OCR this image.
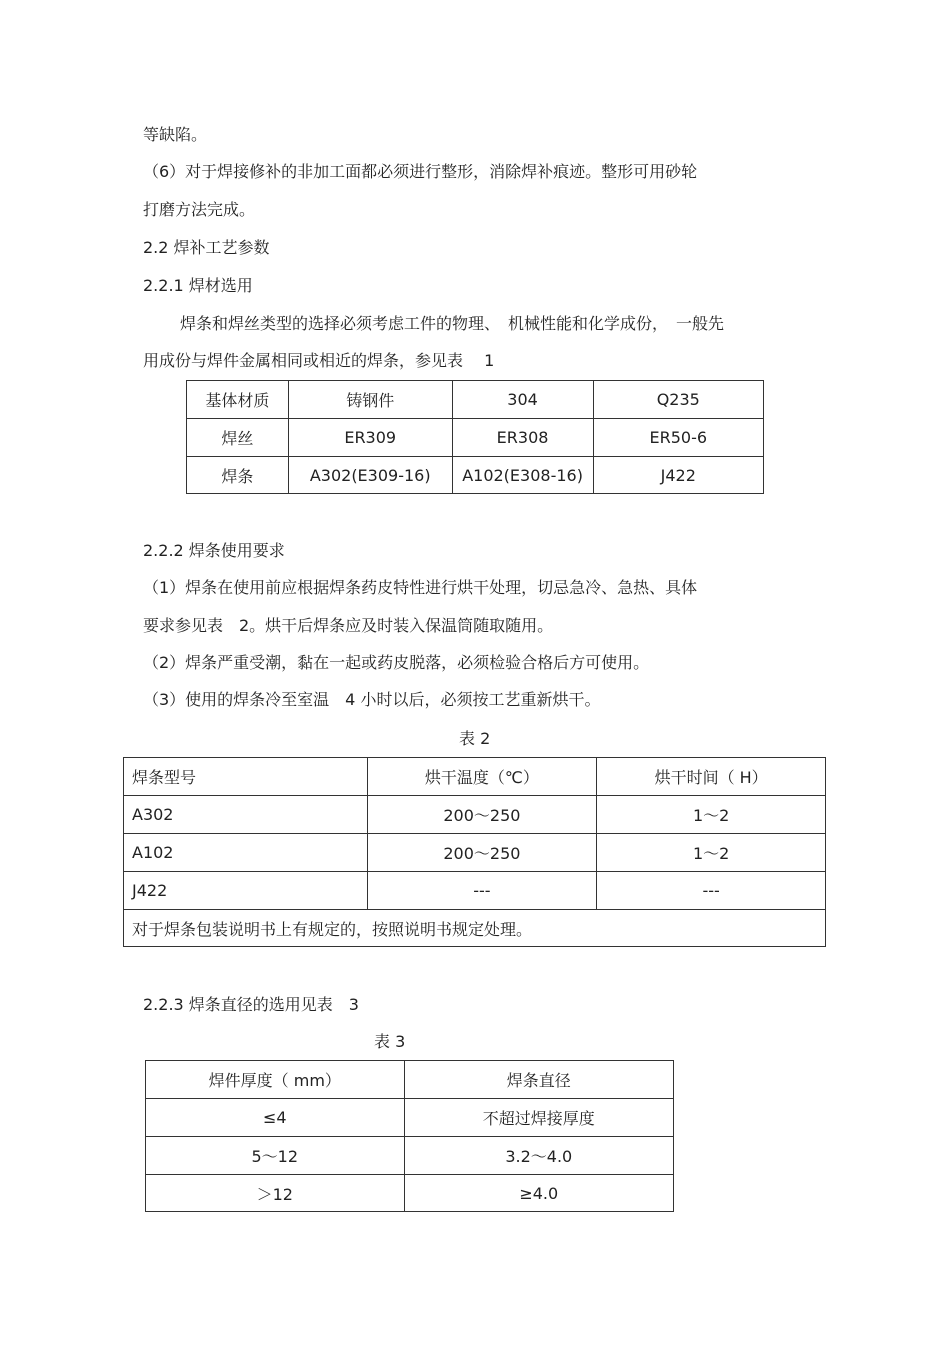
等缺陷。
（6）对于焊接修补的非加工面都必须进行整形，消除焊补痕迹。整形可用砂轮
打磨方法完成。
2.2 焊补工艺参数
2.2.1 焊材选用
焊条和焊丝类型的选择必须考虑工件的物理、　机械性能和化学成份，　一般先
用成份与焊件金属相同或相近的焊条，参见表　 1
基体材质	铸钢件	304	Q235
焊丝	ER309	ER308	ER50-6
焊条	A302(E309-16)	A102(E308-16)	J422
2.2.2 焊条使用要求
（1）焊条在使用前应根据焊条药皮特性进行烘干处理，切忌急冷、急热、具体
要求参见表　2。烘干后焊条应及时装入保温筒随取随用。
（2）焊条严重受潮，黏在一起或药皮脱落，必须检验合格后方可使用。
（3）使用的焊条冷至室温　4 小时以后，必须按工艺重新烘干。
表 2
焊条型号	烘干温度（℃）	烘干时间（ H）
A302	200～250	1～2
A102	200～250	1～2
J422	---	---
对于焊条包装说明书上有规定的，按照说明书规定处理。		
2.2.3 焊条直径的选用见表　3
表 3
焊件厚度（ mm）	焊条直径
≤4	不超过焊接厚度
5～12	3.2～4.0
＞12	≥4.0
